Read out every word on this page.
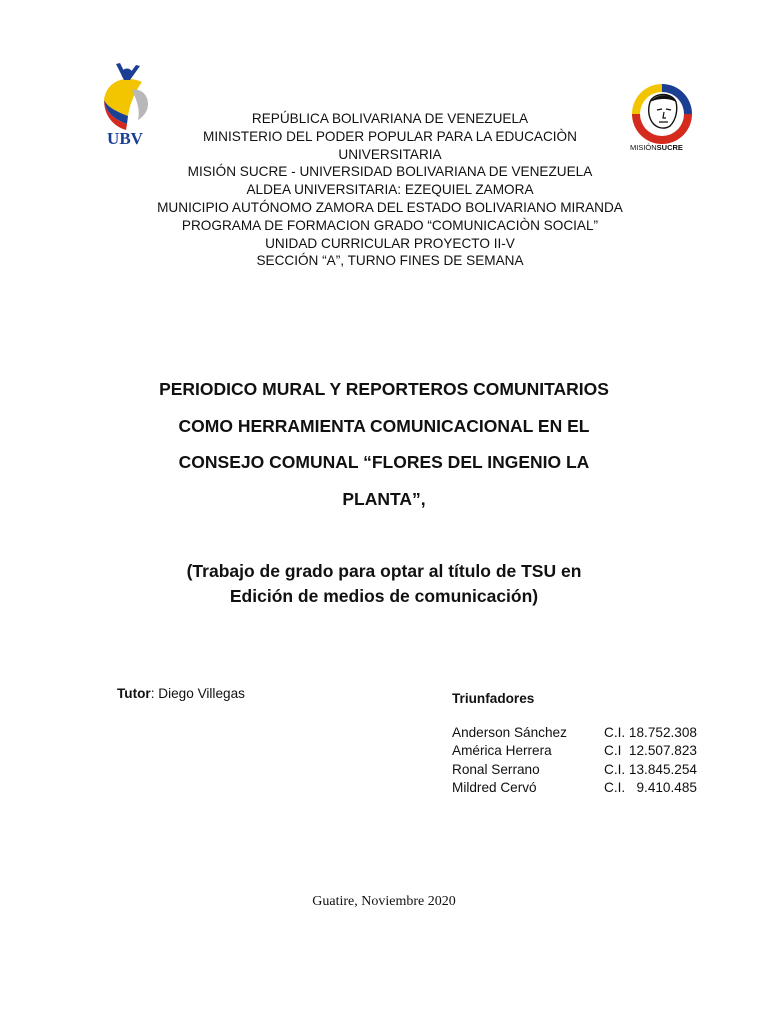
UBV	MISIÓNSUCRE
REPÚBLICA BOLIVARIANA DE VENEZUELA
MINISTERIO DEL PODER POPULAR PARA LA EDUCACIÒN
UNIVERSITARIA
MISIÓN SUCRE - UNIVERSIDAD BOLIVARIANA DE VENEZUELA
ALDEA UNIVERSITARIA: EZEQUIEL ZAMORA
MUNICIPIO AUTÓNOMO ZAMORA DEL ESTADO BOLIVARIANO MIRANDA
PROGRAMA DE FORMACION GRADO “COMUNICACIÒN SOCIAL”
UNIDAD CURRICULAR PROYECTO II-V
SECCIÓN “A”, TURNO FINES DE SEMANA
PERIODICO MURAL Y REPORTEROS COMUNITARIOS
COMO HERRAMIENTA COMUNICACIONAL EN EL
CONSEJO COMUNAL “FLORES DEL INGENIO LA
PLANTA”,
(Trabajo de grado para optar al título de TSU en
Edición de medios de comunicación)
Tutor: Diego Villegas	Triunfadores
Anderson Sánchez	C.I. 18.752.308
América Herrera	C.I  12.507.823
Ronal Serrano	C.I. 13.845.254
Mildred Cervó	C.I.   9.410.485
Guatire, Noviembre 2020
